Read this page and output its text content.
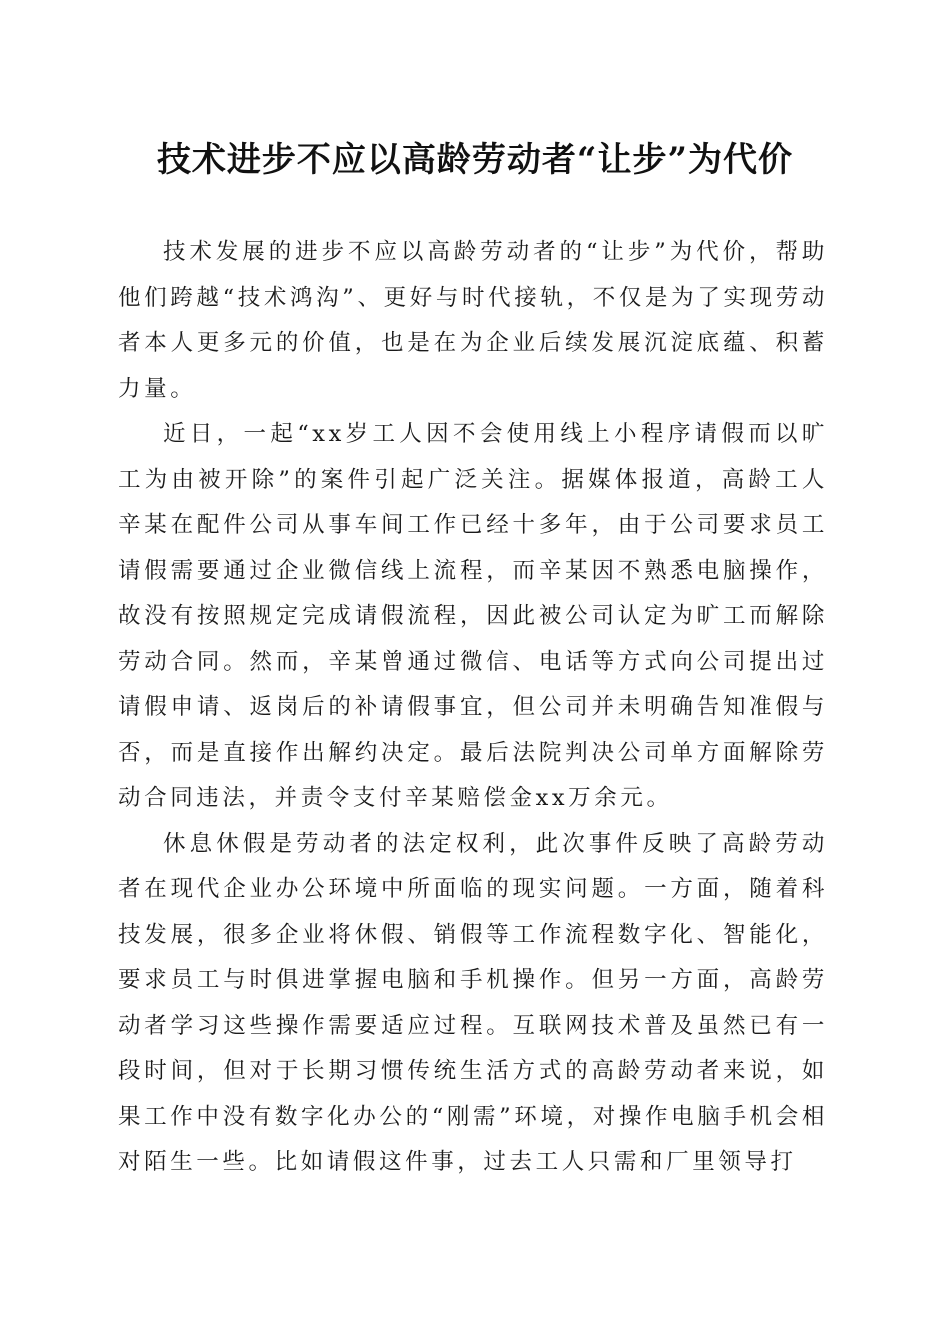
技术进步不应以高龄劳动者“让步”为代价

技术发展的进步不应以高龄劳动者的“让步”为代价，帮助他们跨越“技术鸿沟”、更好与时代接轨，不仅是为了实现劳动者本人更多元的价值，也是在为企业后续发展沉淀底蕴、积蓄力量。

近日，一起“xx岁工人因不会使用线上小程序请假而以旷工为由被开除”的案件引起广泛关注。据媒体报道，高龄工人辛某在配件公司从事车间工作已经十多年，由于公司要求员工请假需要通过企业微信线上流程，而辛某因不熟悉电脑操作，故没有按照规定完成请假流程，因此被公司认定为旷工而解除劳动合同。然而，辛某曾通过微信、电话等方式向公司提出过请假申请、返岗后的补请假事宜，但公司并未明确告知准假与否，而是直接作出解约决定。最后法院判决公司单方面解除劳动合同违法，并责令支付辛某赔偿金xx万余元。

休息休假是劳动者的法定权利，此次事件反映了高龄劳动者在现代企业办公环境中所面临的现实问题。一方面，随着科技发展，很多企业将休假、销假等工作流程数字化、智能化，要求员工与时俱进掌握电脑和手机操作。但另一方面，高龄劳动者学习这些操作需要适应过程。互联网技术普及虽然已有一段时间，但对于长期习惯传统生活方式的高龄劳动者来说，如果工作中没有数字化办公的“刚需”环境，对操作电脑手机会相对陌生一些。比如请假这件事，过去工人只需和厂里领导打
